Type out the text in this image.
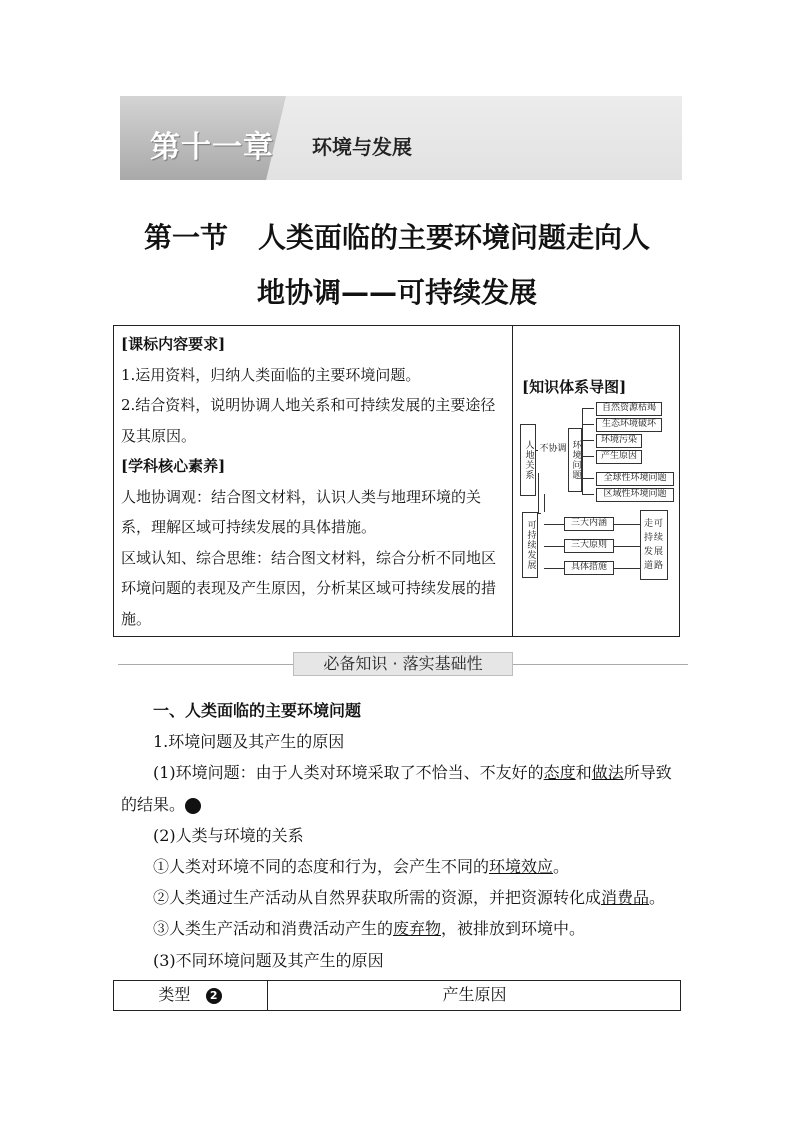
第十一章 环境与发展
第一节 人类面临的主要环境问题走向人
地协调——可持续发展

[课标内容要求]

1.运用资料，归纳人类面临的主要环境问题。

2.结合资料，说明协调人地关系和可持续发展的主要途径及其原因。

[学科核心素养]

人地协调观：结合图文材料，认识人类与地理环境的关系，理解区域可持续发展的具体措施。

区域认知、综合思维：结合图文材料，综合分析不同地区环境问题的表现及产生原因，分析某区域可持续发展的措施。

[知识体系导图]
人地关系 不协调 环境问题
自然资源枯竭
生态环境破坏
环境污染
产生原因
全球性环境问题
区域性环境问题
可持续发展	三大内涵
三大原则
具体措施
走可持续发展道路
必备知识 · 落实基础性

一、人类面临的主要环境问题

1.环境问题及其产生的原因

(1)环境问题：由于人类对环境采取了不恰当、不友好的态度和做法所导致的结果。	1

(2)人类与环境的关系

①人类对环境不同的态度和行为，会产生不同的环境效应。

②人类通过生产活动从自然界获取所需的资源，并把资源转化成消费品。

③人类生产活动和消费活动产生的废弃物，被排放到环境中。

(3)不同环境问题及其产生的原因

类型 2	产生原因
